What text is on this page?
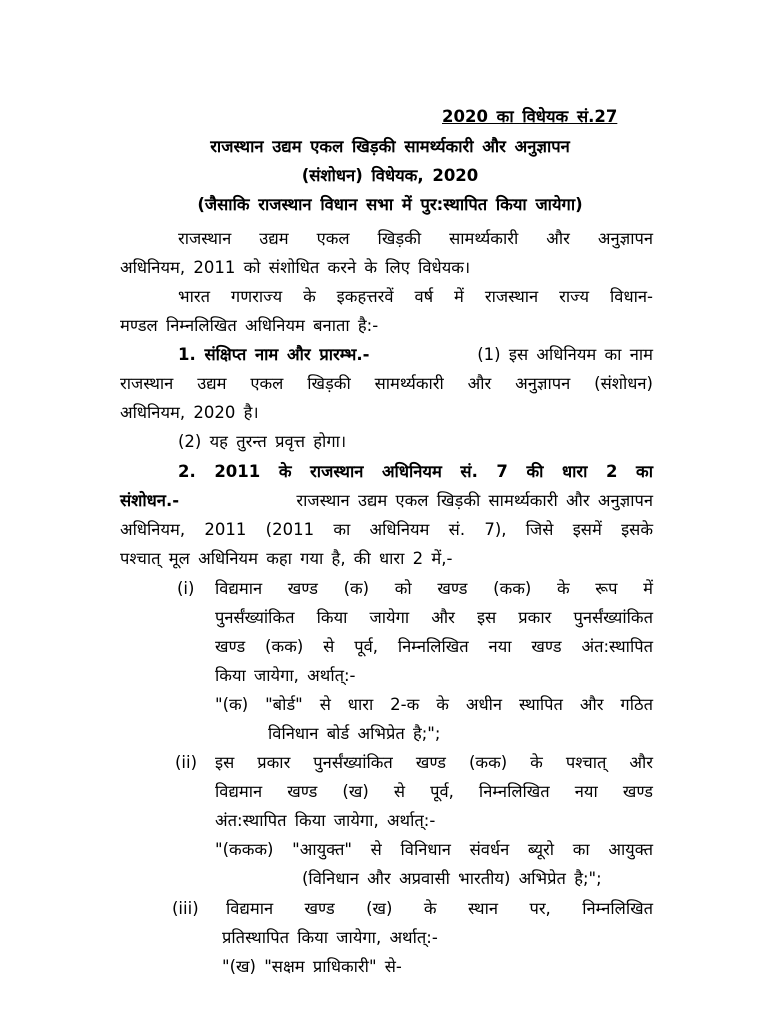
2020 का विधेयक सं.27
राजस्थान उद्यम एकल खिड़की सामर्थ्यकारी और अनुज्ञापन
(संशोधन) विधेयक, 2020
(जैसाकि राजस्थान विधान सभा में पुर:स्थापित किया जायेगा)
राजस्थान उद्यम एकल खिड़की सामर्थ्यकारी और अनुज्ञापन
अधिनियम, 2011 को संशोधित करने के लिए विधेयक।
भारत गणराज्य के इकहत्तरवें वर्ष में राजस्थान राज्य विधान-
मण्डल निम्नलिखित अधिनियम बनाता है:-
1. संक्षिप्त नाम और प्रारम्भ.-	(1) इस अधिनियम का नाम
राजस्थान उद्यम एकल खिड़की सामर्थ्यकारी और अनुज्ञापन (संशोधन)
अधिनियम, 2020 है।
(2) यह तुरन्त प्रवृत्त होगा।
2. 2011 के राजस्थान अधिनियम सं. 7 की धारा 2 का
संशोधन.-	राजस्थान उद्यम एकल खिड़की सामर्थ्यकारी और अनुज्ञापन
अधिनियम, 2011 (2011 का अधिनियम सं. 7), जिसे इसमें इसके
पश्चात् मूल अधिनियम कहा गया है, की धारा 2 में,-
(i) विद्यमान खण्ड (क) को खण्ड (कक) के रूप में
पुनर्संख्यांकित किया जायेगा और इस प्रकार पुनर्संख्यांकित
खण्ड (कक) से पूर्व, निम्नलिखित नया खण्ड अंत:स्थापित
किया जायेगा, अर्थात्:-
"(क) "बोर्ड" से धारा 2-क के अधीन स्थापित और गठित
विनिधान बोर्ड अभिप्रेत है;";
(ii) इस प्रकार पुनर्संख्यांकित खण्ड (कक) के पश्चात् और
विद्यमान खण्ड (ख) से पूर्व, निम्नलिखित नया खण्ड
अंत:स्थापित किया जायेगा, अर्थात्:-
"(ककक) "आयुक्त" से विनिधान संवर्धन ब्यूरो का आयुक्त
(विनिधान और अप्रवासी भारतीय) अभिप्रेत है;";
(iii) विद्यमान खण्ड (ख) के स्थान पर, निम्नलिखित
प्रतिस्थापित किया जायेगा, अर्थात्:-
"(ख) "सक्षम प्राधिकारी" से-
